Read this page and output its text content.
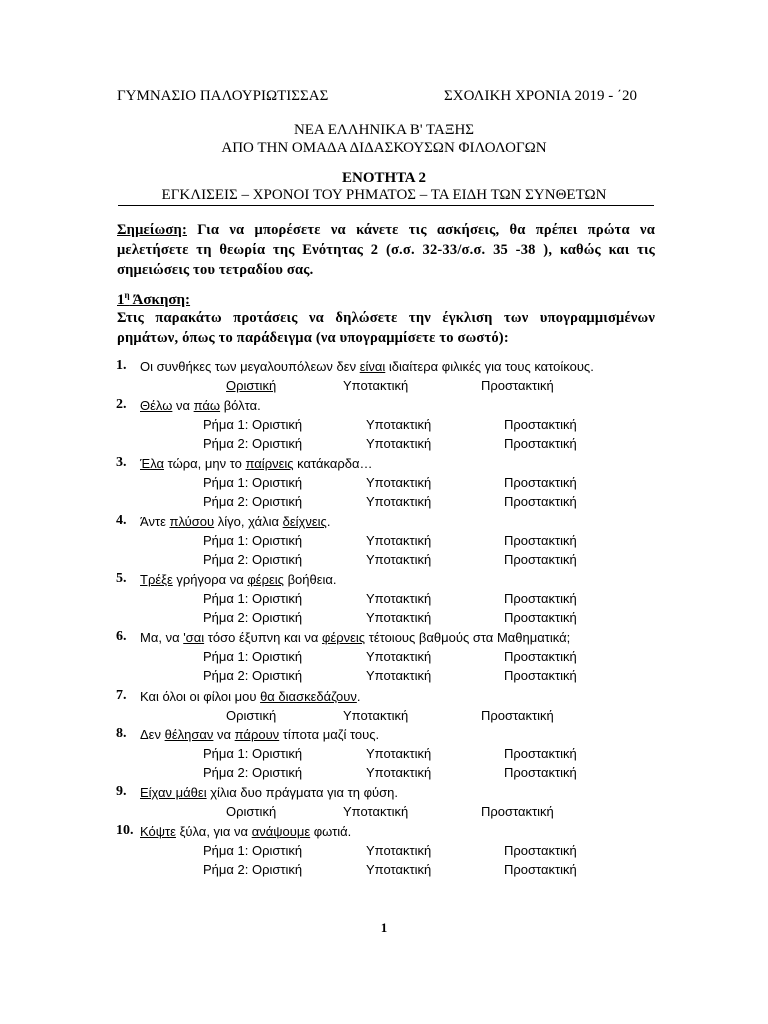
ΓΥΜΝΑΣΙΟ ΠΑΛΟΥΡΙΩΤΙΣΣΑΣ	ΣΧΟΛΙΚΗ ΧΡΟΝΙΑ 2019 - ΄20
ΝΕΑ ΕΛΛΗΝΙΚΑ Β' ΤΑΞΗΣ
ΑΠΟ ΤΗΝ ΟΜΑΔΑ ΔΙΔΑΣΚΟΥΣΩΝ ΦΙΛΟΛΟΓΩΝ
ΕΝΟΤΗΤΑ 2
ΕΓΚΛΙΣΕΙΣ – ΧΡΟΝΟΙ ΤΟΥ ΡΗΜΑΤΟΣ – ΤΑ ΕΙΔΗ ΤΩΝ ΣΥΝΘΕΤΩΝ
Σημείωση: Για να μπορέσετε να κάνετε τις ασκήσεις, θα πρέπει πρώτα να μελετήσετε τη θεωρία της Ενότητας 2 (σ.σ. 32-33/σ.σ. 35 -38 ), καθώς και τις σημειώσεις του τετραδίου σας.
$1^\eta$ Άσκηση:
Στις παρακάτω προτάσεις να δηλώσετε την έγκλιση των υπογραμμισμένων ρημάτων, όπως το παράδειγμα (να υπογραμμίσετε το σωστό):
1. Οι συνθήκες των μεγαλουπόλεων δεν είναι ιδιαίτερα φιλικές για τους κατοίκους.
Οριστική	Υποτακτική	Προστακτική
2. Θέλω να πάω βόλτα.
Ρήμα 1: Οριστική	Υποτακτική	Προστακτική
Ρήμα 2: Οριστική	Υποτακτική	Προστακτική
3. Έλα τώρα, μην το παίρνεις κατάκαρδα…
Ρήμα 1: Οριστική	Υποτακτική	Προστακτική
Ρήμα 2: Οριστική	Υποτακτική	Προστακτική
4. Άντε πλύσου λίγο, χάλια δείχνεις.
Ρήμα 1: Οριστική	Υποτακτική	Προστακτική
Ρήμα 2: Οριστική	Υποτακτική	Προστακτική
5. Τρέξε γρήγορα να φέρεις βοήθεια.
Ρήμα 1: Οριστική	Υποτακτική	Προστακτική
Ρήμα 2: Οριστική	Υποτακτική	Προστακτική
6. Μα, να 'σαι τόσο έξυπνη και να φέρνεις τέτοιους βαθμούς στα Μαθηματικά;
Ρήμα 1: Οριστική	Υποτακτική	Προστακτική
Ρήμα 2: Οριστική	Υποτακτική	Προστακτική
7. Και όλοι οι φίλοι μου θα διασκεδάζουν.
Οριστική	Υποτακτική	Προστακτική
8. Δεν θέλησαν να πάρουν τίποτα μαζί τους.
Ρήμα 1: Οριστική	Υποτακτική	Προστακτική
Ρήμα 2: Οριστική	Υποτακτική	Προστακτική
9. Είχαν μάθει χίλια δυο πράγματα για τη φύση.
Οριστική	Υποτακτική	Προστακτική
10. Κόψτε ξύλα, για να ανάψουμε φωτιά.
Ρήμα 1: Οριστική	Υποτακτική	Προστακτική
Ρήμα 2: Οριστική	Υποτακτική	Προστακτική
1
